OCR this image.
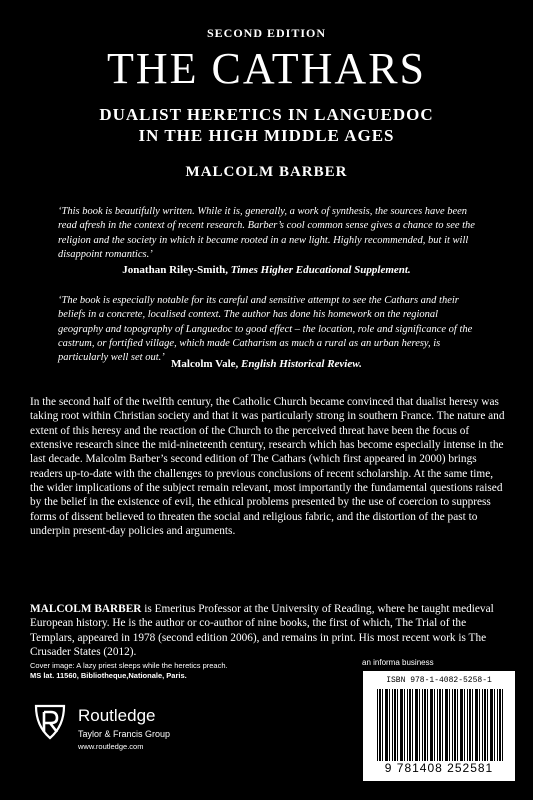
SECOND EDITION
THE CATHARS
DUALIST HERETICS IN LANGUEDOC
IN THE HIGH MIDDLE AGES
MALCOLM BARBER
‘This book is beautifully written. While it is, generally, a work of synthesis, the sources have been read afresh in the context of recent research. Barber’s cool common sense gives a chance to see the religion and the society in which it became rooted in a new light. Highly recommended, but it will disappoint romantics.’
Jonathan Riley-Smith, Times Higher Educational Supplement.
‘The book is especially notable for its careful and sensitive attempt to see the Cathars and their beliefs in a concrete, localised context. The author has done his homework on the regional geography and topography of Languedoc to good effect – the location, role and significance of the castrum, or fortified village, which made Catharism as much a rural as an urban heresy, is particularly well set out.’
Malcolm Vale, English Historical Review.
In the second half of the twelfth century, the Catholic Church became convinced that dualist heresy was taking root within Christian society and that it was particularly strong in southern France. The nature and extent of this heresy and the reaction of the Church to the perceived threat have been the focus of extensive research since the mid-nineteenth century, research which has become especially intense in the last decade. Malcolm Barber’s second edition of The Cathars (which first appeared in 2000) brings readers up-to-date with the challenges to previous conclusions of recent scholarship. At the same time, the wider implications of the subject remain relevant, most importantly the fundamental questions raised by the belief in the existence of evil, the ethical problems presented by the use of coercion to suppress forms of dissent believed to threaten the social and religious fabric, and the distortion of the past to underpin present-day policies and arguments.
MALCOLM BARBER is Emeritus Professor at the University of Reading, where he taught medieval European history. He is the author or co-author of nine books, the first of which, The Trial of the Templars, appeared in 1978 (second edition 2006), and remains in print. His most recent work is The Crusader States (2012).
Cover image: A lazy priest sleeps while the heretics preach.
MS lat. 11560, Bibliotheque,Nationale, Paris.
an informa business
ISBN 978-1-4082-5258-1
9 781408 252581
Routledge
Taylor & Francis Group
www.routledge.com
